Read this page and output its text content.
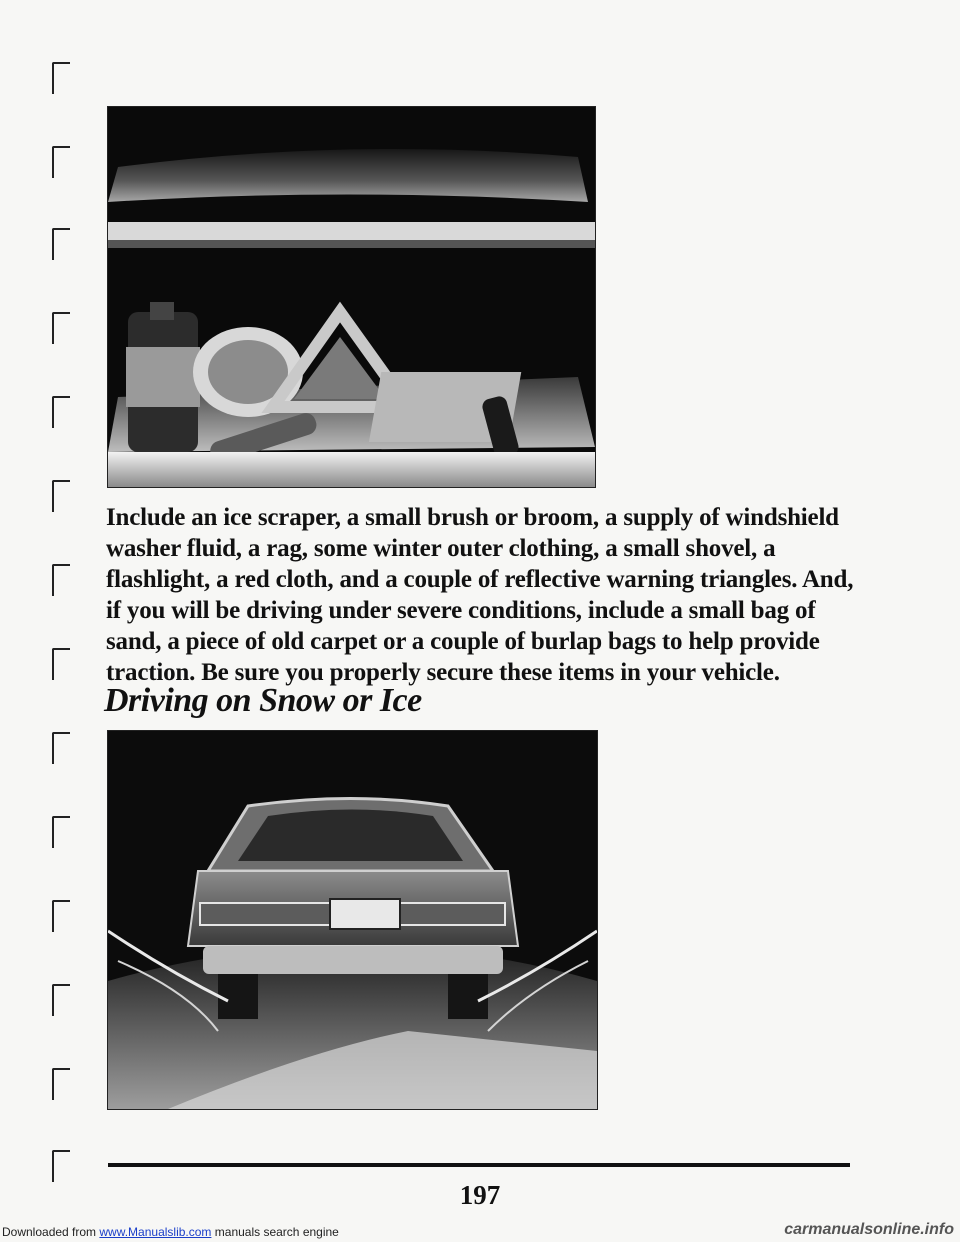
Include an ice scraper, a small brush or broom, a supply of windshield washer fluid, a rag, some winter outer clothing, a small shovel, a flashlight, a red cloth, and a couple of reflective warning triangles. And, if you will be driving under severe conditions, include a small bag of sand, a piece of old carpet or a couple of burlap bags to help provide traction. Be sure you properly secure these items in your vehicle.

Driving on Snow or Ice
197
Downloaded from www.Manualslib.com manuals search engine	carmanualsonline.info
